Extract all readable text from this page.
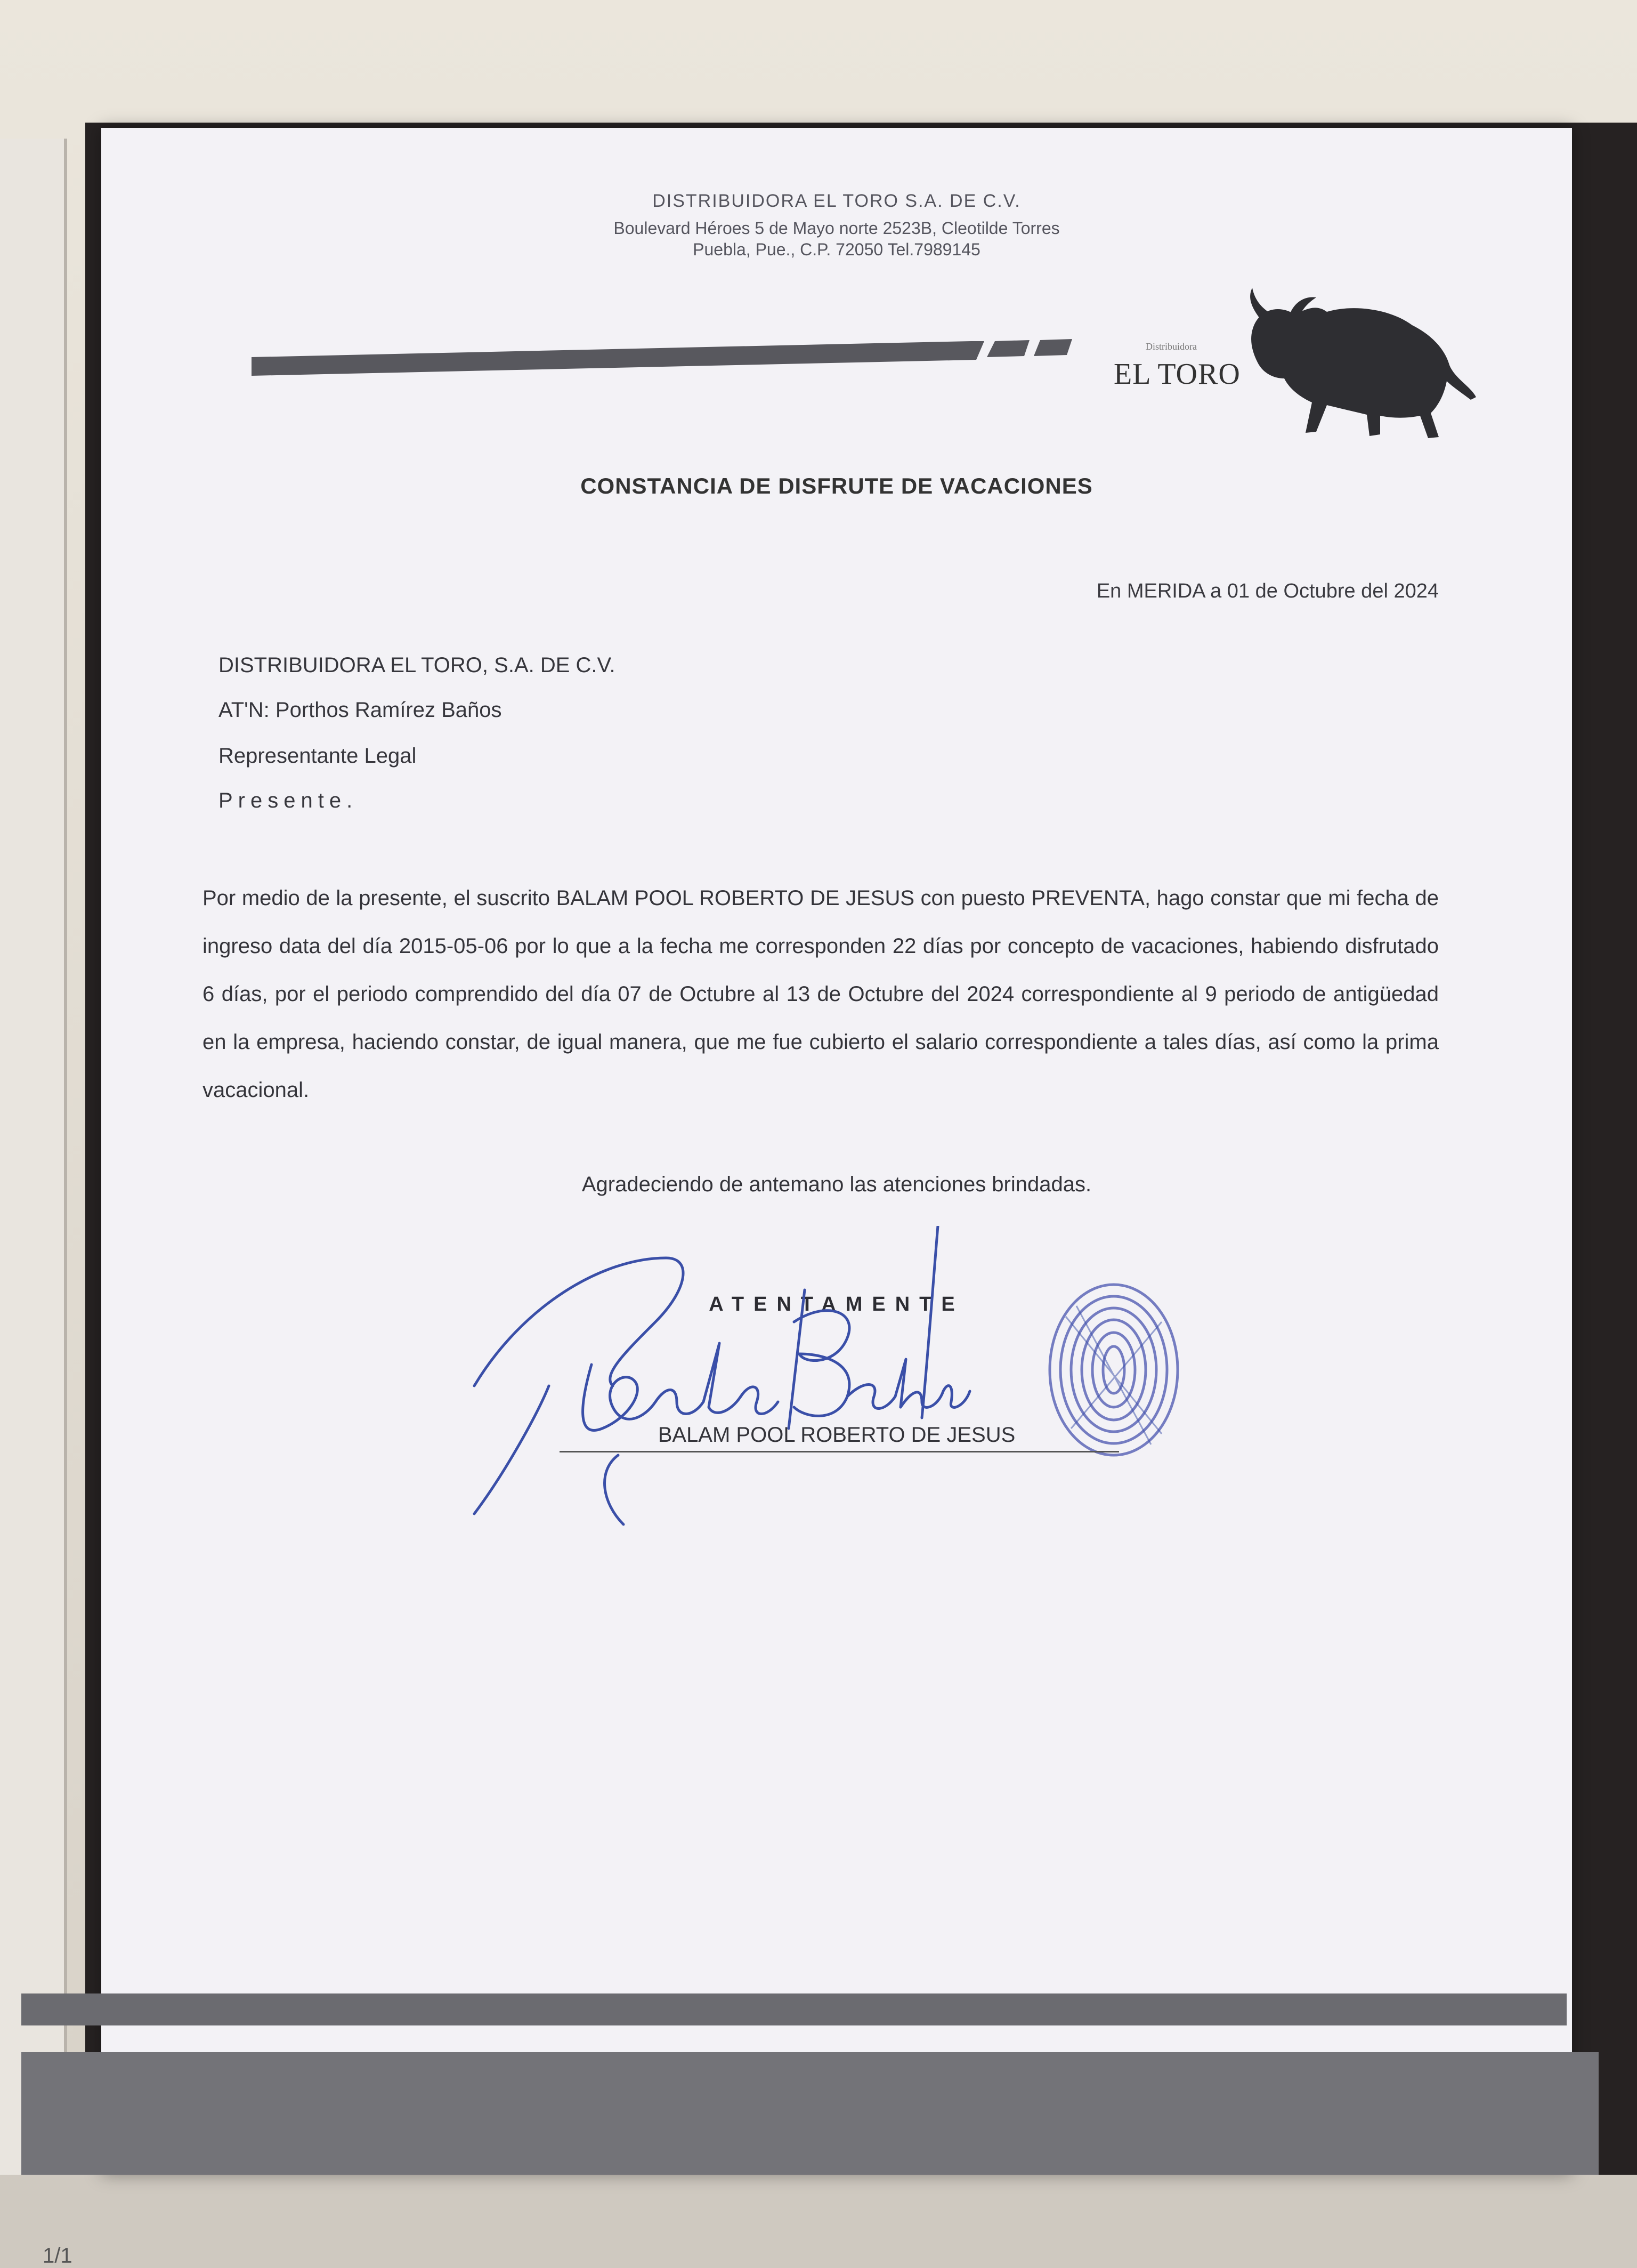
DISTRIBUIDORA EL TORO S.A. DE C.V.
Boulevard Héroes 5 de Mayo norte 2523B, Cleotilde Torres
Puebla, Pue., C.P. 72050 Tel.7989145
Distribuidora
EL TORO
CONSTANCIA DE DISFRUTE DE VACACIONES
En MERIDA a 01 de Octubre del 2024
DISTRIBUIDORA EL TORO, S.A. DE C.V.
AT'N: Porthos Ramírez Baños
Representante Legal
Presente.
Por medio de la presente, el suscrito BALAM POOL ROBERTO DE JESUS con puesto PREVENTA, hago constar que mi fecha de ingreso data del día 2015-05-06 por lo que a la fecha me corresponden 22 días por concepto de vacaciones, habiendo disfrutado 6 días, por el periodo comprendido del día 07 de Octubre al 13 de Octubre del 2024 correspondiente al 9 periodo de antigüedad en la empresa, haciendo constar, de igual manera, que me fue cubierto el salario correspondiente a tales días, así como la prima vacacional.
Agradeciendo de antemano las atenciones brindadas.
ATENTAMENTE
BALAM POOL ROBERTO DE JESUS
1/1
